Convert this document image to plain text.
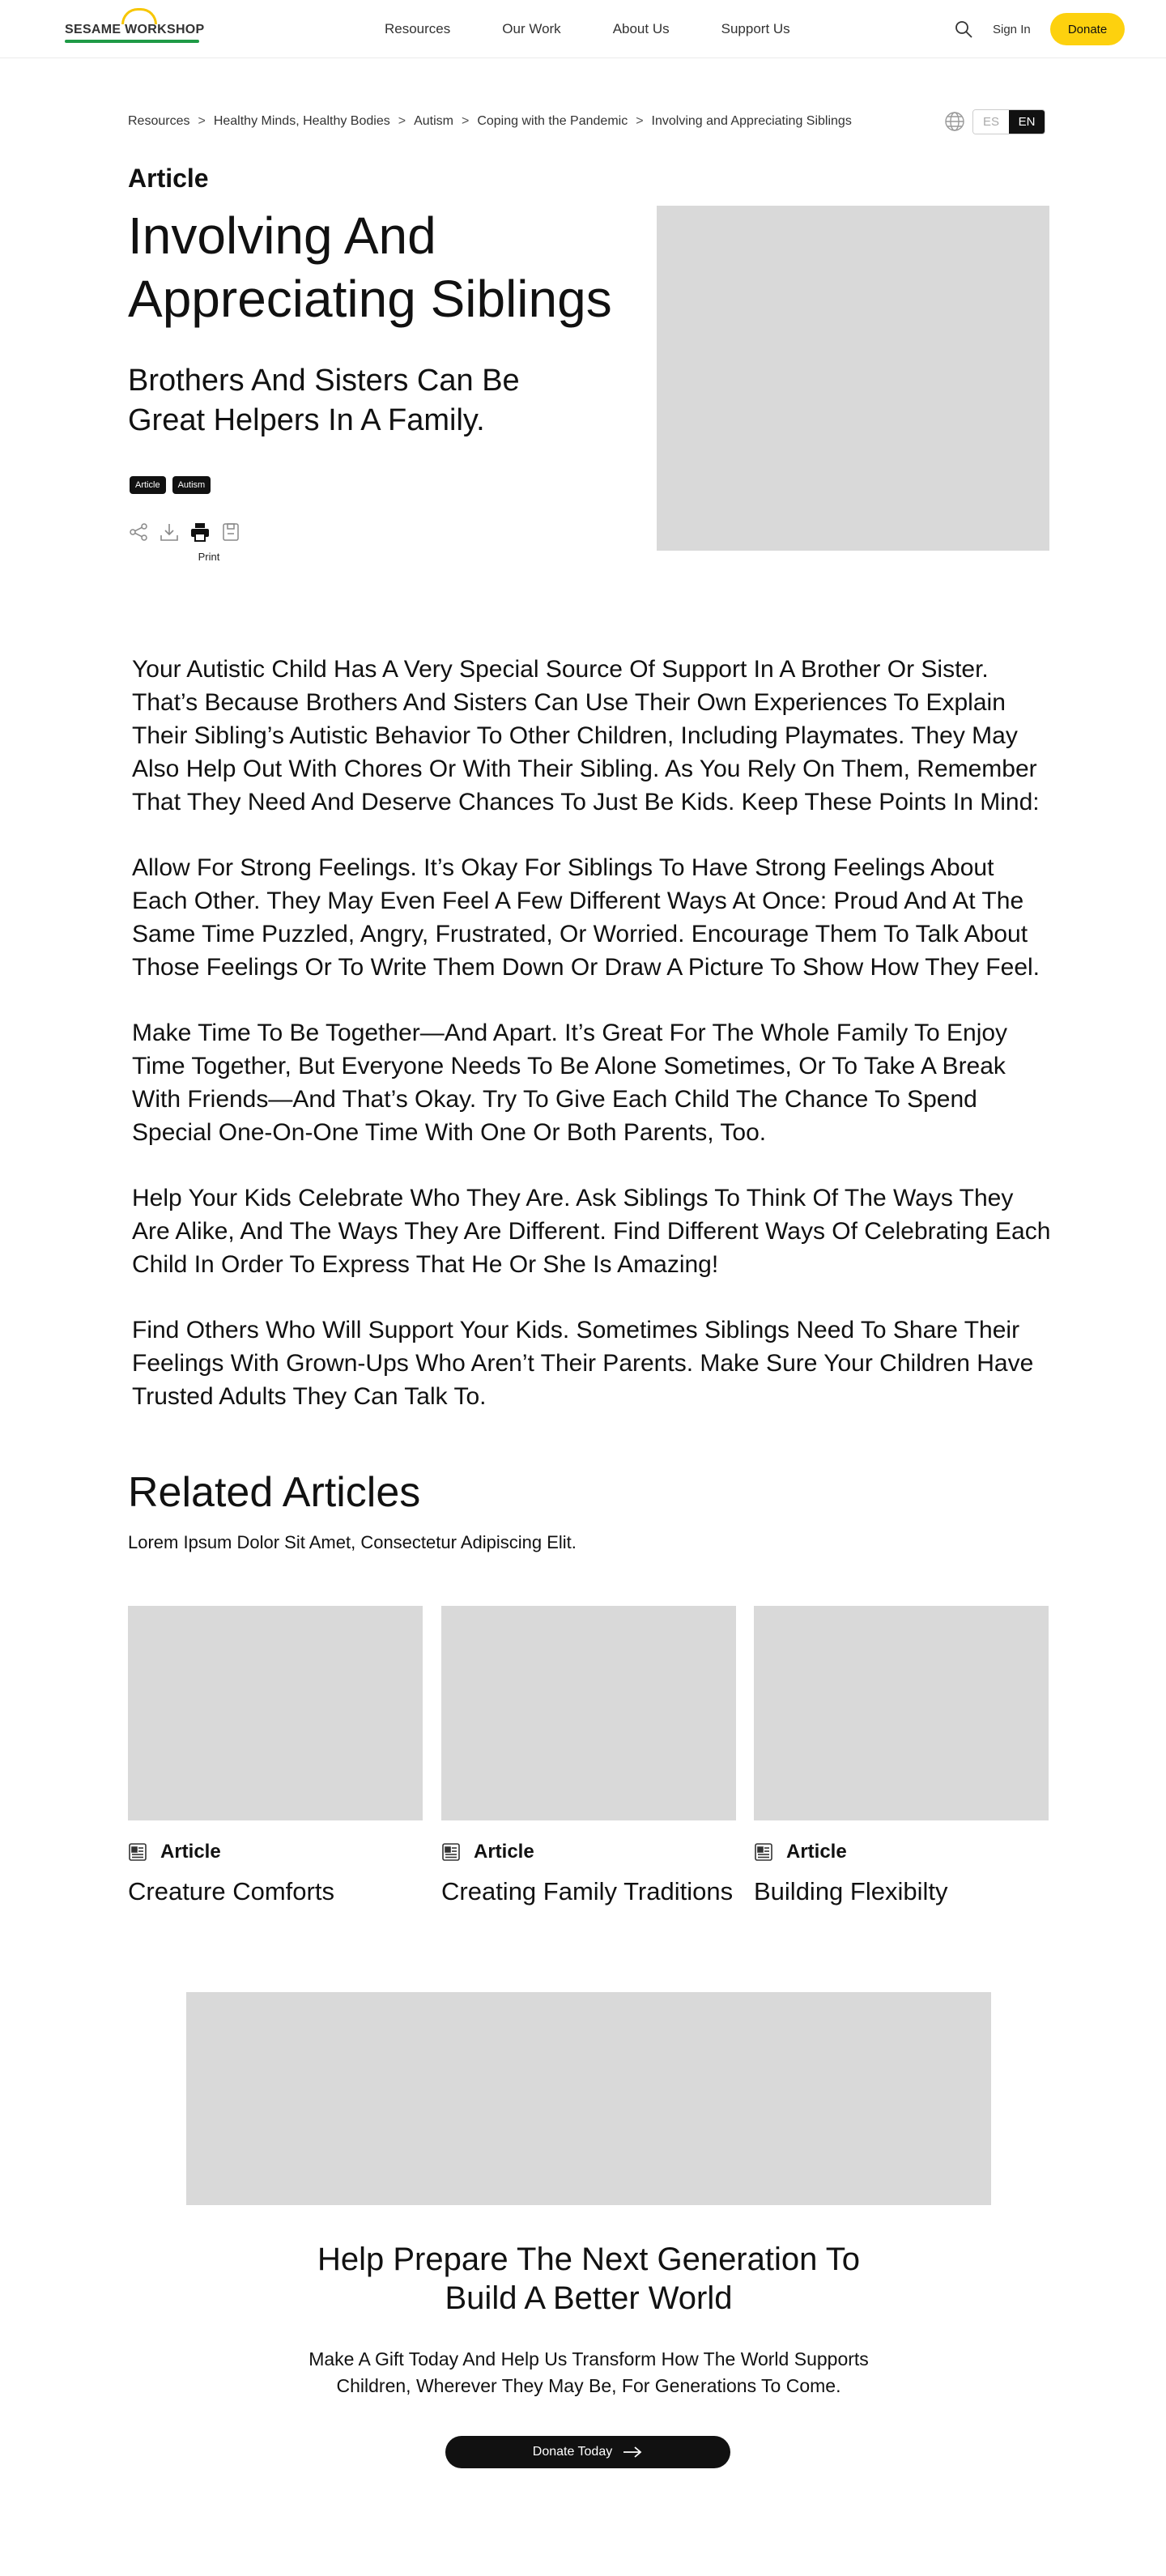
SESAME WORKSHOP	Resources	Our Work	About Us	Support Us	Sign In	Donate
Resources > Healthy Minds, Healthy Bodies > Autism > Coping with the Pandemic > Involving and Appreciating Siblings	ES	EN
Article
Involving And Appreciating Siblings
Brothers And Sisters Can Be Great Helpers In A Family.
Article	Autism
Print

Your Autistic Child Has A Very Special Source Of Support In A Brother Or Sister. That’s Because Brothers And Sisters Can Use Their Own Experiences To Explain Their Sibling’s Autistic Behavior To Other Children, Including Playmates. They May Also Help Out With Chores Or With Their Sibling. As You Rely On Them, Remember That They Need And Deserve Chances To Just Be Kids. Keep These Points In Mind:

Allow For Strong Feelings. It’s Okay For Siblings To Have Strong Feelings About Each Other. They May Even Feel A Few Different Ways At Once: Proud And At The Same Time Puzzled, Angry, Frustrated, Or Worried. Encourage Them To Talk About Those Feelings Or To Write Them Down Or Draw A Picture To Show How They Feel.

Make Time To Be Together—And Apart. It’s Great For The Whole Family To Enjoy Time Together, But Everyone Needs To Be Alone Sometimes, Or To Take A Break With Friends—And That’s Okay. Try To Give Each Child The Chance To Spend Special One-On-One Time With One Or Both Parents, Too.

Help Your Kids Celebrate Who They Are. Ask Siblings To Think Of The Ways They Are Alike, And The Ways They Are Different. Find Different Ways Of Celebrating Each Child In Order To Express That He Or She Is Amazing!

Find Others Who Will Support Your Kids. Sometimes Siblings Need To Share Their Feelings With Grown-Ups Who Aren’t Their Parents. Make Sure Your Children Have Trusted Adults They Can Talk To.

Related Articles

Lorem Ipsum Dolor Sit Amet, Consectetur Adipiscing Elit.

Article
Creature Comforts
Article
Creating Family Traditions
Article
Building Flexibilty
Help Prepare The Next Generation To Build A Better World

Make A Gift Today And Help Us Transform How The World Supports Children, Wherever They May Be, For Generations To Come.

Donate Today
